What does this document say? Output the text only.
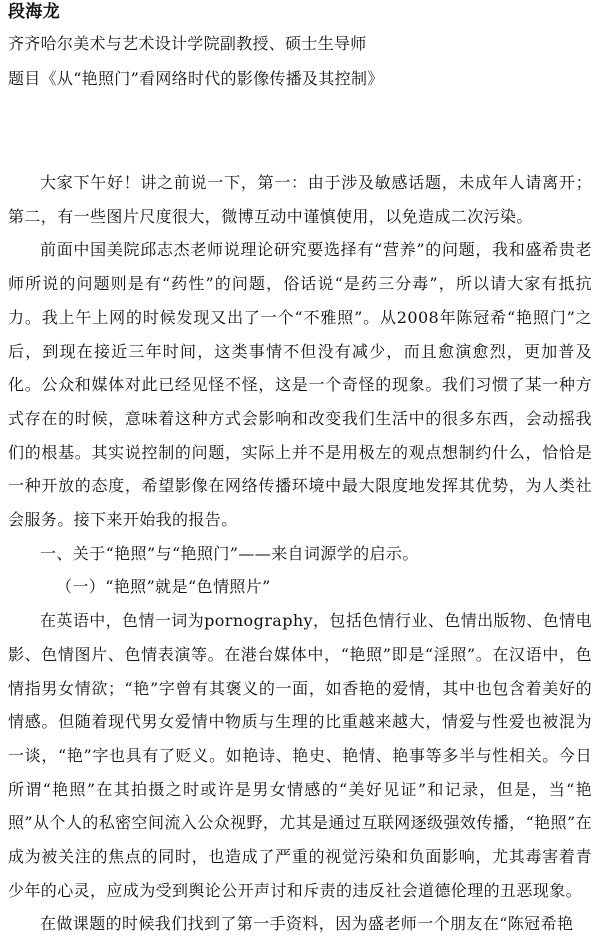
段海龙
齐齐哈尔美术与艺术设计学院副教授、硕士生导师
题目《从“艳照门”看网络时代的影像传播及其控制》

大家下午好！讲之前说一下，第一：由于涉及敏感话题，未成年人请离开；第二，有一些图片尺度很大，微博互动中谨慎使用，以免造成二次污染。

前面中国美院邱志杰老师说理论研究要选择有“营养”的问题，我和盛希贵老师所说的问题则是有“药性”的问题，俗话说“是药三分毒”，所以请大家有抵抗力。我上午上网的时候发现又出了一个“不雅照”。从2008年陈冠希“艳照门”之后，到现在接近三年时间，这类事情不但没有减少，而且愈演愈烈，更加普及化。公众和媒体对此已经见怪不怪，这是一个奇怪的现象。我们习惯了某一种方式存在的时候，意味着这种方式会影响和改变我们生活中的很多东西，会动摇我们的根基。其实说控制的问题，实际上并不是用极左的观点想制约什么，恰恰是一种开放的态度，希望影像在网络传播环境中最大限度地发挥其优势，为人类社会服务。接下来开始我的报告。

一、关于“艳照”与“艳照门”——来自词源学的启示。

（一）“艳照”就是“色情照片”

在英语中，色情一词为pornography，包括色情行业、色情出版物、色情电影、色情图片、色情表演等。在港台媒体中，“艳照”即是“淫照”。在汉语中，色情指男女情欲；“艳”字曾有其褒义的一面，如香艳的爱情，其中也包含着美好的情感。但随着现代男女爱情中物质与生理的比重越来越大，情爱与性爱也被混为一谈，“艳”字也具有了贬义。如艳诗、艳史、艳情、艳事等多半与性相关。今日所谓“艳照”在其拍摄之时或许是男女情感的“美好见证”和记录，但是，当“艳照”从个人的私密空间流入公众视野，尤其是通过互联网逐级强效传播，“艳照”在成为被关注的焦点的同时，也造成了严重的视觉污染和负面影响，尤其毒害着青少年的心灵，应成为受到舆论公开声讨和斥责的违反社会道德伦理的丑恶现象。

在做课题的时候我们找到了第一手资料，因为盛老师一个朋友在“陈冠希艳
